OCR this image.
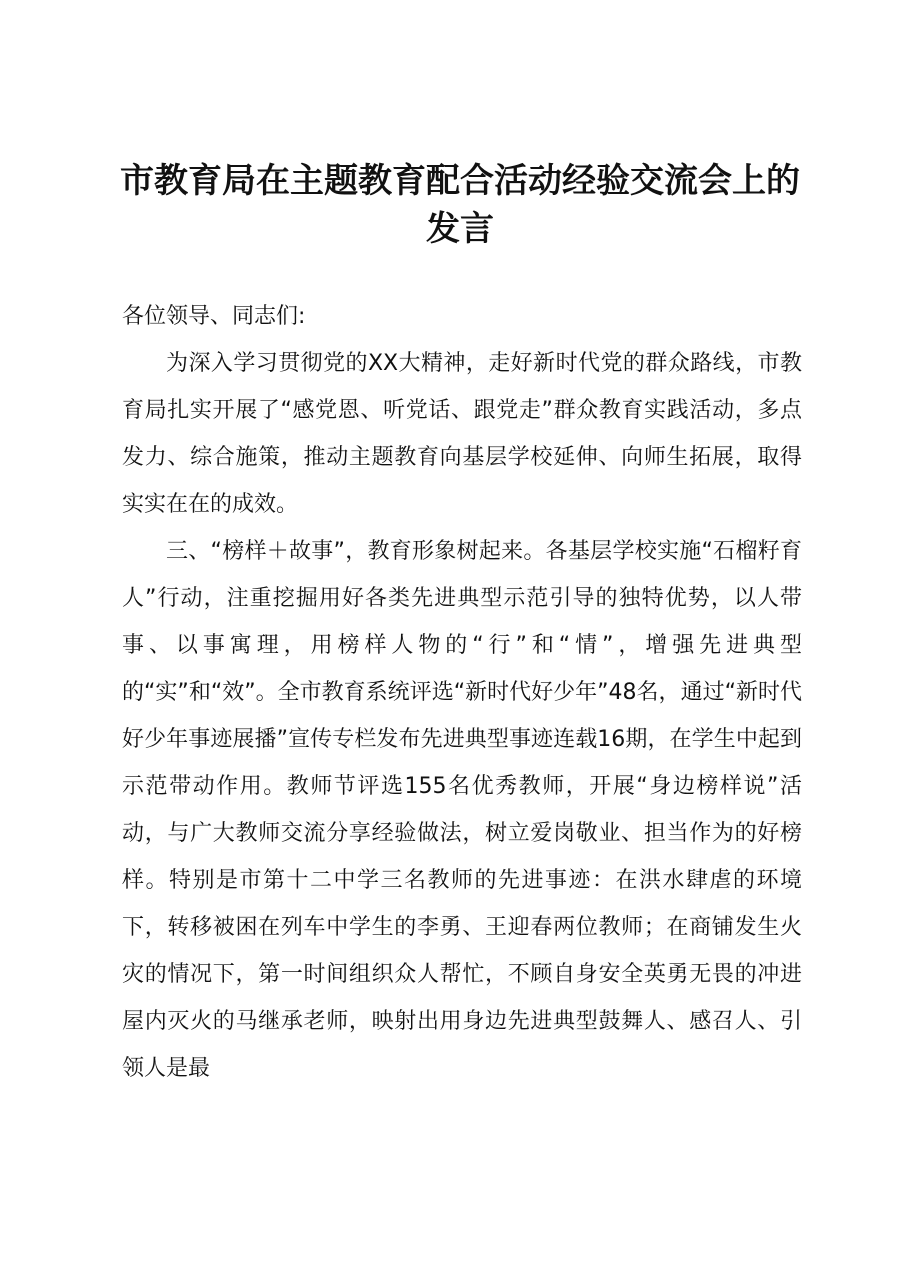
市教育局在主题教育配合活动经验交流会上的发言

各位领导、同志们:

为深入学习贯彻党的XX大精神，走好新时代党的群众路线，市教育局扎实开展了“感党恩、听党话、跟党走”群众教育实践活动，多点发力、综合施策，推动主题教育向基层学校延伸、向师生拓展，取得实实在在的成效。

三、“榜样＋故事”，教育形象树起来。各基层学校实施“石榴籽育人”行动，注重挖掘用好各类先进典型示范引导的独特优势，以人带事、以事寓理，用榜样人物的“行”和“情”，增强先进典型的“实”和“效”。全市教育系统评选“新时代好少年”48名，通过“新时代好少年事迹展播”宣传专栏发布先进典型事迹连载16期，在学生中起到示范带动作用。教师节评选155名优秀教师，开展“身边榜样说”活动，与广大教师交流分享经验做法，树立爱岗敬业、担当作为的好榜样。特别是市第十二中学三名教师的先进事迹：在洪水肆虐的环境下，转移被困在列车中学生的李勇、王迎春两位教师；在商铺发生火灾的情况下，第一时间组织众人帮忙，不顾自身安全英勇无畏的冲进屋内灭火的马继承老师，映射出用身边先进典型鼓舞人、感召人、引领人是最
